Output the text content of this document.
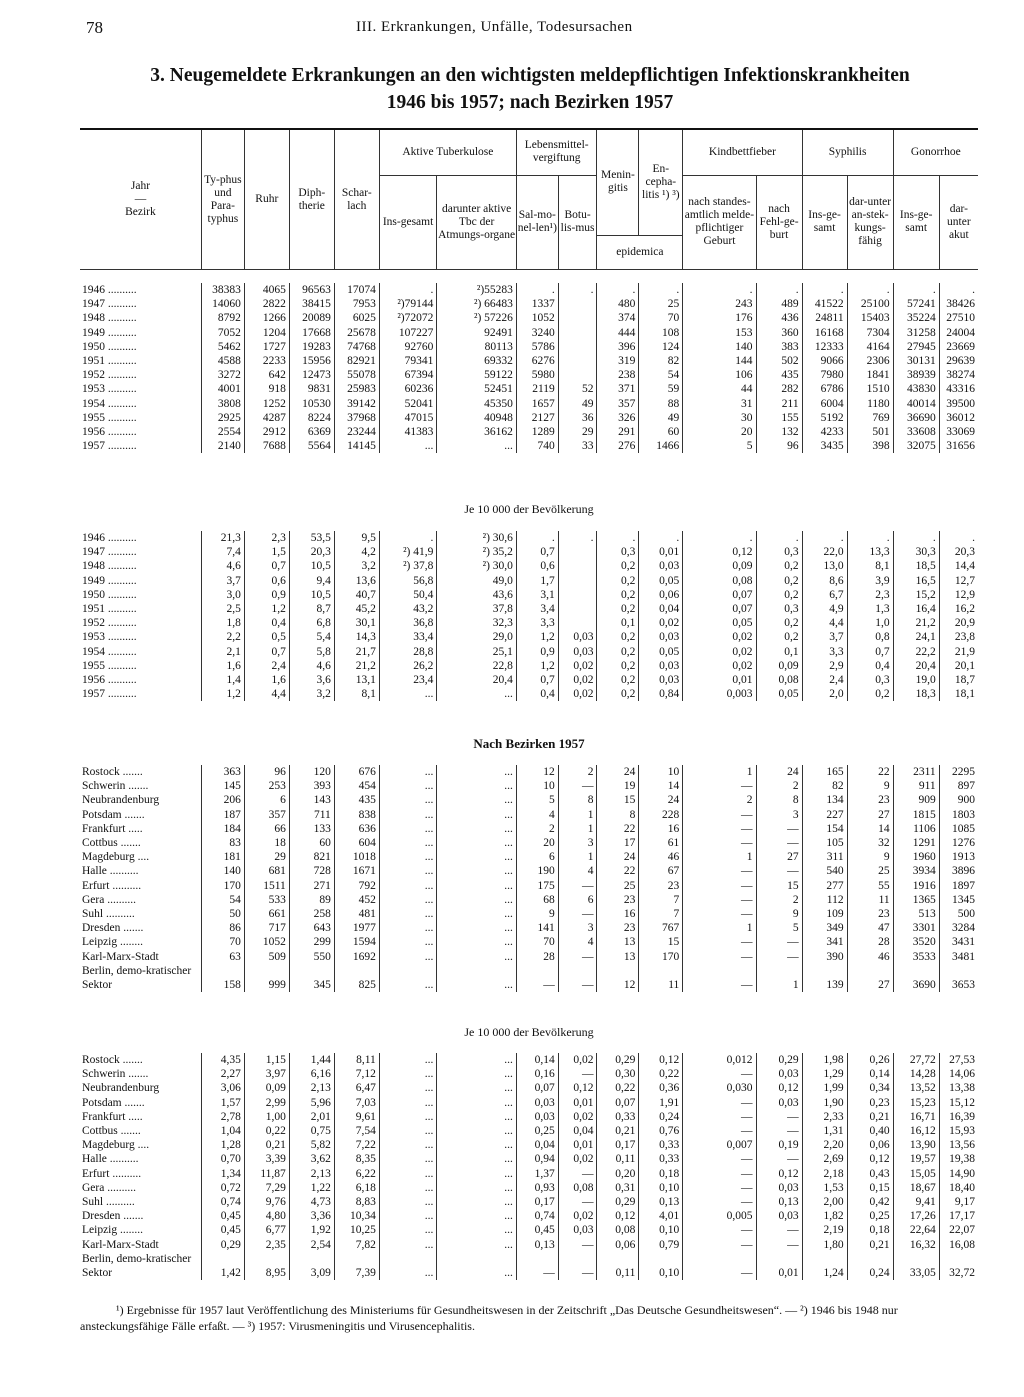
78	III. Erkrankungen, Unfälle, Todesursachen
3. Neugemeldete Erkrankungen an den wichtigsten meldepflichtigen Infektionskrankheiten
1946 bis 1957; nach Bezirken 1957
Jahr
—
Bezirk	Ty-phus und Para-typhus	Ruhr	Diph-therie	Schar-lach	Aktive Tuberkulose		Lebensmittel-vergiftung		Menin-gitis	En-cepha-litis ¹) ³)	Kindbettfieber		Syphilis		Gonorrhoe	
					Ins-gesamt	darunter aktive Tbc der Atmungs-organe	Sal-mo-nel-len¹)	Botu-lis-mus			nach standes-amtlich melde-pflichtiger Geburt	nach Fehl-ge-burt	Ins-ge-samt	dar-unter an-stek-kungs-fähig	Ins-ge-samt	dar-unter akut
									epidemica							
1946 ..........	38383	4065	96563	17074	.	²)55283	.	.	.	.	.	.	.	.	.	.
1947 ..........	14060	2822	38415	7953	²)79144	²) 66483	1337		480	25	243	489	41522	25100	57241	38426
1948 ..........	8792	1266	20089	6025	²)72072	²) 57226	1052		374	70	176	436	24811	15403	35224	27510
1949 ..........	7052	1204	17668	25678	107227	92491	3240		444	108	153	360	16168	7304	31258	24004
1950 ..........	5462	1727	19283	74768	92760	80113	5786		396	124	140	383	12333	4164	27945	23669
1951 ..........	4588	2233	15956	82921	79341	69332	6276		319	82	144	502	9066	2306	30131	29639
1952 ..........	3272	642	12473	55078	67394	59122	5980		238	54	106	435	7980	1841	38939	38274
1953 ..........	4001	918	9831	25983	60236	52451	2119	52	371	59	44	282	6786	1510	43830	43316
1954 ..........	3808	1252	10530	39142	52041	45350	1657	49	357	88	31	211	6004	1180	40014	39500
1955 ..........	2925	4287	8224	37968	47015	40948	2127	36	326	49	30	155	5192	769	36690	36012
1956 ..........	2554	2912	6369	23244	41383	36162	1289	29	291	60	20	132	4233	501	33608	33069
1957 ..........	2140	7688	5564	14145	...	...	740	33	276	1466	5	96	3435	398	32075	31656
Je 10 000 der Bevölkerung
1946 ..........	21,3	2,3	53,5	9,5	.	²) 30,6	.	.	.	.	.	.	.	.	.	.
1947 ..........	7,4	1,5	20,3	4,2	²) 41,9	²) 35,2	0,7		0,3	0,01	0,12	0,3	22,0	13,3	30,3	20,3
1948 ..........	4,6	0,7	10,5	3,2	²) 37,8	²) 30,0	0,6		0,2	0,03	0,09	0,2	13,0	8,1	18,5	14,4
1949 ..........	3,7	0,6	9,4	13,6	56,8	49,0	1,7		0,2	0,05	0,08	0,2	8,6	3,9	16,5	12,7
1950 ..........	3,0	0,9	10,5	40,7	50,4	43,6	3,1		0,2	0,06	0,07	0,2	6,7	2,3	15,2	12,9
1951 ..........	2,5	1,2	8,7	45,2	43,2	37,8	3,4		0,2	0,04	0,07	0,3	4,9	1,3	16,4	16,2
1952 ..........	1,8	0,4	6,8	30,1	36,8	32,3	3,3		0,1	0,02	0,05	0,2	4,4	1,0	21,2	20,9
1953 ..........	2,2	0,5	5,4	14,3	33,4	29,0	1,2	0,03	0,2	0,03	0,02	0,2	3,7	0,8	24,1	23,8
1954 ..........	2,1	0,7	5,8	21,7	28,8	25,1	0,9	0,03	0,2	0,05	0,02	0,1	3,3	0,7	22,2	21,9
1955 ..........	1,6	2,4	4,6	21,2	26,2	22,8	1,2	0,02	0,2	0,03	0,02	0,09	2,9	0,4	20,4	20,1
1956 ..........	1,4	1,6	3,6	13,1	23,4	20,4	0,7	0,02	0,2	0,03	0,01	0,08	2,4	0,3	19,0	18,7
1957 ..........	1,2	4,4	3,2	8,1	...	...	0,4	0,02	0,2	0,84	0,003	0,05	2,0	0,2	18,3	18,1
Nach Bezirken 1957
Rostock .......	363	96	120	676	...	...	12	2	24	10	1	24	165	22	2311	2295
Schwerin .......	145	253	393	454	...	...	10	—	19	14	—	2	82	9	911	897
Neubrandenburg	206	6	143	435	...	...	5	8	15	24	2	8	134	23	909	900
Potsdam .......	187	357	711	838	...	...	4	1	8	228	—	3	227	27	1815	1803
Frankfurt .....	184	66	133	636	...	...	2	1	22	16	—	—	154	14	1106	1085
Cottbus .......	83	18	60	604	...	...	20	3	17	61	—	—	105	32	1291	1276
Magdeburg ....	181	29	821	1018	...	...	6	1	24	46	1	27	311	9	1960	1913
Halle ..........	140	681	728	1671	...	...	190	4	22	67	—	—	540	25	3934	3896
Erfurt ..........	170	1511	271	792	...	...	175	—	25	23	—	15	277	55	1916	1897
Gera ..........	54	533	89	452	...	...	68	6	23	7	—	2	112	11	1365	1345
Suhl ..........	50	661	258	481	...	...	9	—	16	7	—	9	109	23	513	500
Dresden .......	86	717	643	1977	...	...	141	3	23	767	1	5	349	47	3301	3284
Leipzig ........	70	1052	299	1594	...	...	70	4	13	15	—	—	341	28	3520	3431
Karl-Marx-Stadt	63	509	550	1692	...	...	28	—	13	170	—	—	390	46	3533	3481
Berlin, demo-kratischer Sektor	158	999	345	825	...	...	—	—	12	11	—	1	139	27	3690	3653
Je 10 000 der Bevölkerung
Rostock .......	4,35	1,15	1,44	8,11	...	...	0,14	0,02	0,29	0,12	0,012	0,29	1,98	0,26	27,72	27,53
Schwerin .......	2,27	3,97	6,16	7,12	...	...	0,16	—	0,30	0,22	—	0,03	1,29	0,14	14,28	14,06
Neubrandenburg	3,06	0,09	2,13	6,47	...	...	0,07	0,12	0,22	0,36	0,030	0,12	1,99	0,34	13,52	13,38
Potsdam .......	1,57	2,99	5,96	7,03	...	...	0,03	0,01	0,07	1,91	—	0,03	1,90	0,23	15,23	15,12
Frankfurt .....	2,78	1,00	2,01	9,61	...	...	0,03	0,02	0,33	0,24	—	—	2,33	0,21	16,71	16,39
Cottbus .......	1,04	0,22	0,75	7,54	...	...	0,25	0,04	0,21	0,76	—	—	1,31	0,40	16,12	15,93
Magdeburg ....	1,28	0,21	5,82	7,22	...	...	0,04	0,01	0,17	0,33	0,007	0,19	2,20	0,06	13,90	13,56
Halle ..........	0,70	3,39	3,62	8,35	...	...	0,94	0,02	0,11	0,33	—	—	2,69	0,12	19,57	19,38
Erfurt ..........	1,34	11,87	2,13	6,22	...	...	1,37	—	0,20	0,18	—	0,12	2,18	0,43	15,05	14,90
Gera ..........	0,72	7,29	1,22	6,18	...	...	0,93	0,08	0,31	0,10	—	0,03	1,53	0,15	18,67	18,40
Suhl ..........	0,74	9,76	4,73	8,83	...	...	0,17	—	0,29	0,13	—	0,13	2,00	0,42	9,41	9,17
Dresden .......	0,45	4,80	3,36	10,34	...	...	0,74	0,02	0,12	4,01	0,005	0,03	1,82	0,25	17,26	17,17
Leipzig ........	0,45	6,77	1,92	10,25	...	...	0,45	0,03	0,08	0,10	—	—	2,19	0,18	22,64	22,07
Karl-Marx-Stadt	0,29	2,35	2,54	7,82	...	...	0,13	—	0,06	0,79	—	—	1,80	0,21	16,32	16,08
Berlin, demo-kratischer Sektor	1,42	8,95	3,09	7,39	...	...	—	—	0,11	0,10	—	0,01	1,24	0,24	33,05	32,72
¹) Ergebnisse für 1957 laut Veröffentlichung des Ministeriums für Gesundheitswesen in der Zeitschrift „Das Deutsche Gesundheitswesen“. — ²) 1946 bis 1948 nur ansteckungsfähige Fälle erfaßt. — ³) 1957: Virusmeningitis und Virusencephalitis.
